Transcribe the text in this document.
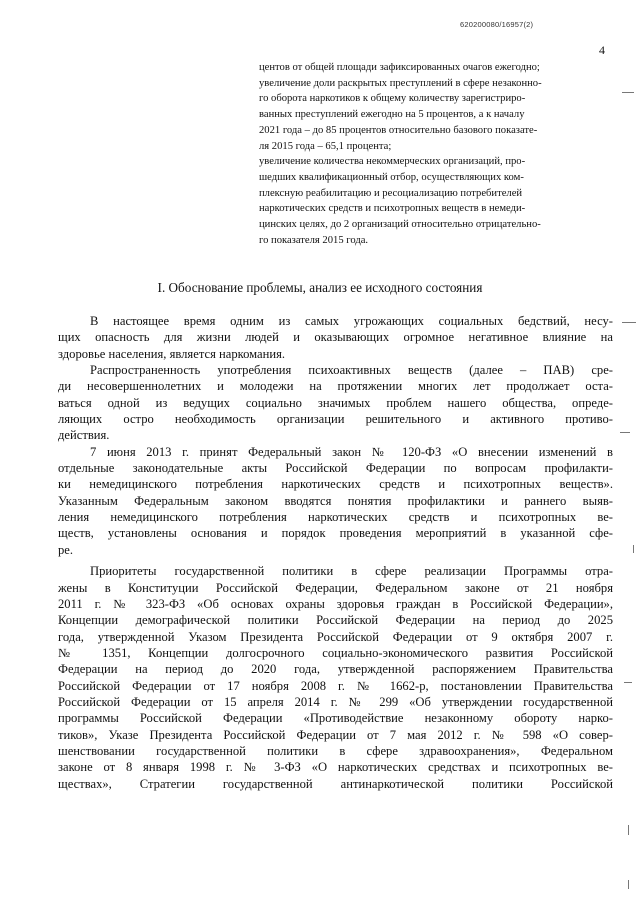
620200080/16957(2)
4
центов от общей площади зафиксированных очагов ежегодно;
увеличение доли раскрытых преступлений в сфере незаконно-
го оборота наркотиков к общему количеству зарегистриро-
ванных преступлений ежегодно на 5 процентов, а к началу
2021 года – до 85 процентов относительно базового показате-
ля 2015 года – 65,1 процента;
увеличение количества некоммерческих организаций, про-
шедших квалификационный отбор, осуществляющих ком-
плексную реабилитацию и ресоциализацию потребителей
наркотических средств и психотропных веществ в немеди-
цинских целях, до 2 организаций относительно отрицательно-
го показателя 2015 года.
I. Обоснование проблемы, анализ ее исходного состояния
В настоящее время одним из самых угрожающих социальных бедствий, несу-
щих опасность для жизни людей и оказывающих огромное негативное влияние на
здоровье населения, является наркомания.
Распространенность употребления психоактивных веществ (далее – ПАВ) сре-
ди несовершеннолетних и молодежи на протяжении многих лет продолжает оста-
ваться одной из ведущих социально значимых проблем нашего общества, опреде-
ляющих остро необходимость организации решительного и активного противо-
действия.
7 июня 2013 г. принят Федеральный закон № 120-ФЗ «О внесении изменений в
отдельные законодательные акты Российской Федерации по вопросам профилакти-
ки немедицинского потребления наркотических средств и психотропных веществ».
Указанным Федеральным законом вводятся понятия профилактики и раннего выяв-
ления немедицинского потребления наркотических средств и психотропных ве-
ществ, установлены основания и порядок проведения мероприятий в указанной сфе-
ре.
Приоритеты государственной политики в сфере реализации Программы отра-
жены в Конституции Российской Федерации, Федеральном законе от 21 ноября
2011 г. № 323-ФЗ «Об основах охраны здоровья граждан в Российской Федерации»,
Концепции демографической политики Российской Федерации на период до 2025
года, утвержденной Указом Президента Российской Федерации от 9 октября 2007 г.
№ 1351, Концепции долгосрочного социально-экономического развития Российской
Федерации на период до 2020 года, утвержденной распоряжением Правительства
Российской Федерации от 17 ноября 2008 г. № 1662-р, постановлении Правительства
Российской Федерации от 15 апреля 2014 г. № 299 «Об утверждении государственной
программы Российской Федерации «Противодействие незаконному обороту нарко-
тиков», Указе Президента Российской Федерации от 7 мая 2012 г. № 598 «О совер-
шенствовании государственной политики в сфере здравоохранения», Федеральном
законе от 8 января 1998 г. № 3-ФЗ «О наркотических средствах и психотропных ве-
ществах», Стратегии государственной антинаркотической политики Российской
